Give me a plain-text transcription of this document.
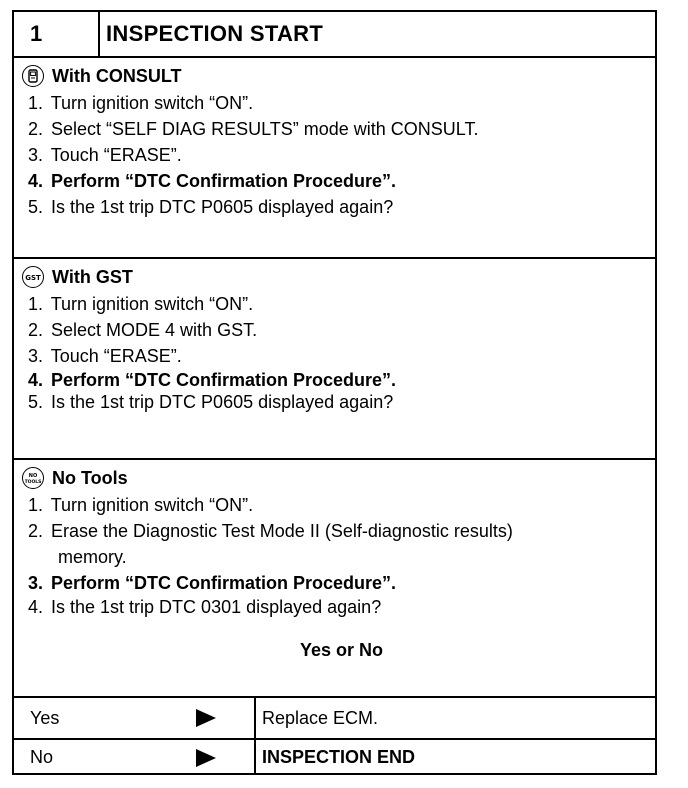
1	INSPECTION START
With CONSULT
1. Turn ignition switch “ON”.
2. Select “SELF DIAG RESULTS” mode with CONSULT.
3. Touch “ERASE”.
4. Perform “DTC Confirmation Procedure”.
5. Is the 1st trip DTC P0605 displayed again?
GST With GST
1. Turn ignition switch “ON”.
2. Select MODE 4 with GST.
3. Touch “ERASE”.
4. Perform “DTC Confirmation Procedure”.
5. Is the 1st trip DTC P0605 displayed again?
NO
TOOLS No Tools
1. Turn ignition switch “ON”.
2. Erase the Diagnostic Test Mode II (Self-diagnostic results)
memory.
3. Perform “DTC Confirmation Procedure”.
4. Is the 1st trip DTC 0301 displayed again?
Yes or No
Yes	Replace ECM.
No	INSPECTION END
